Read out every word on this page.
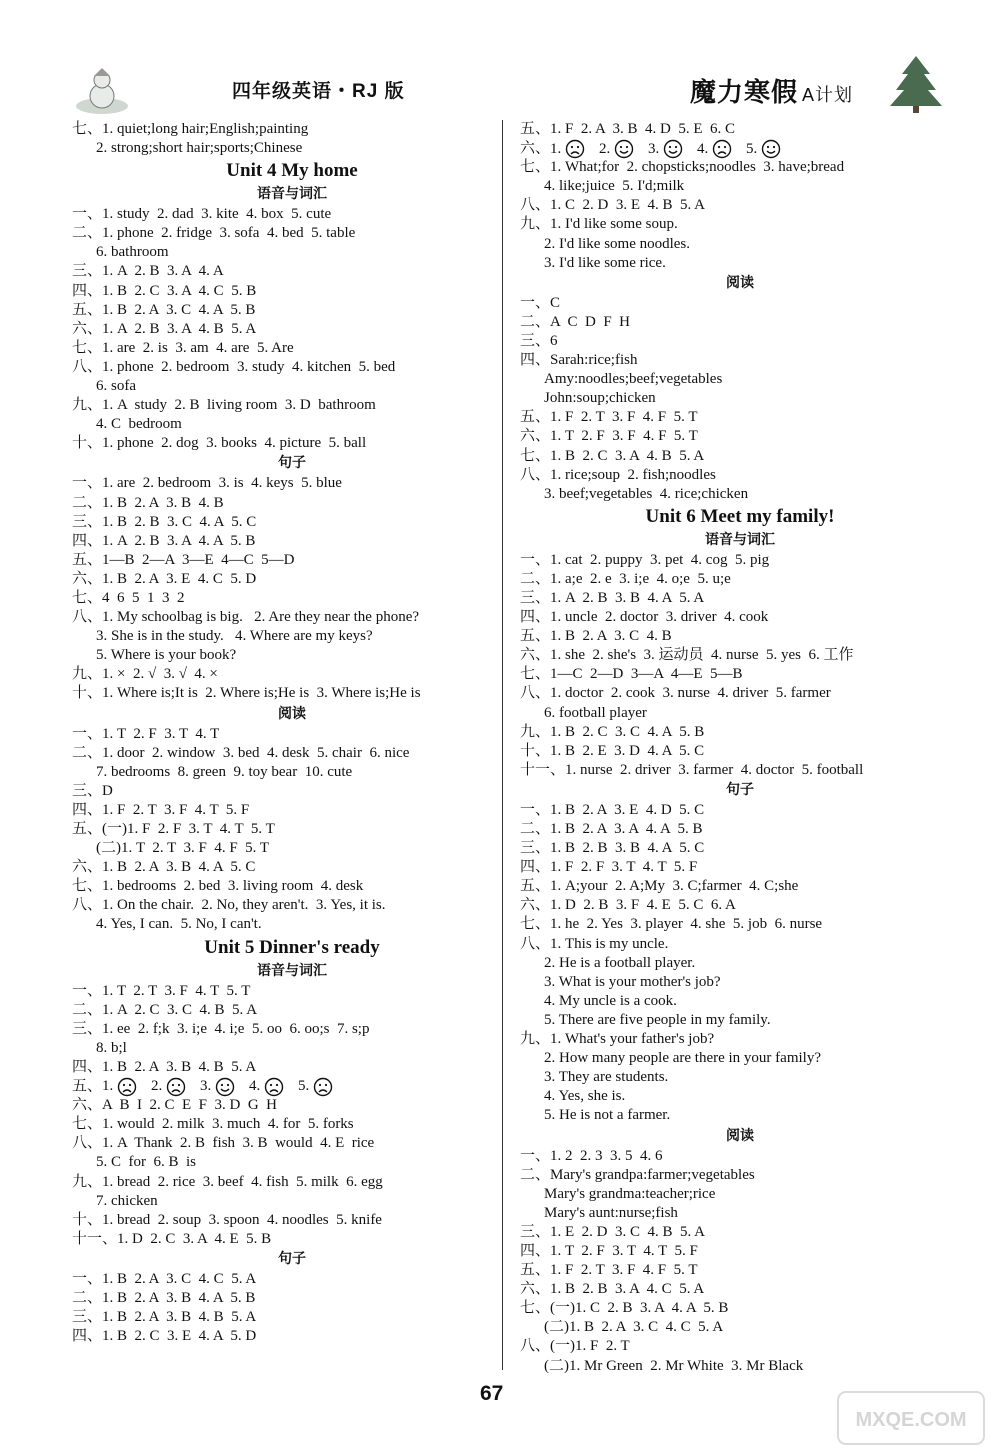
四年级英语・RJ 版	魔力寒假 A计划
七、1. quiet;long hair;English;painting
2. strong;short hair;sports;Chinese
Unit 4 My home
语音与词汇
一、1. study  2. dad  3. kite  4. box  5. cute
二、1. phone  2. fridge  3. sofa  4. bed  5. table
6. bathroom
三、1. A  2. B  3. A  4. A
四、1. B  2. C  3. A  4. C  5. B
五、1. B  2. A  3. C  4. A  5. B
六、1. A  2. B  3. A  4. B  5. A
七、1. are  2. is  3. am  4. are  5. Are
八、1. phone  2. bedroom  3. study  4. kitchen  5. bed
6. sofa
九、1. A  study  2. B  living room  3. D  bathroom
4. C  bedroom
十、1. phone  2. dog  3. books  4. picture  5. ball
句子
一、1. are  2. bedroom  3. is  4. keys  5. blue
二、1. B  2. A  3. B  4. B
三、1. B  2. B  3. C  4. A  5. C
四、1. A  2. B  3. A  4. A  5. B
五、1—B  2—A  3—E  4—C  5—D
六、1. B  2. A  3. E  4. C  5. D
七、4  6  5  1  3  2
八、1. My schoolbag is big.   2. Are they near the phone?
3. She is in the study.   4. Where are my keys?
5. Where is your book?
九、1. ×  2. √  3. √  4. ×
十、1. Where is;It is  2. Where is;He is  3. Where is;He is
阅读
一、1. T  2. F  3. T  4. T
二、1. door  2. window  3. bed  4. desk  5. chair  6. nice
7. bedrooms  8. green  9. toy bear  10. cute
三、D
四、1. F  2. T  3. F  4. T  5. F
五、(一)1. F  2. F  3. T  4. T  5. T
(二)1. T  2. T  3. F  4. F  5. T
六、1. B  2. A  3. B  4. A  5. C
七、1. bedrooms  2. bed  3. living room  4. desk
八、1. On the chair.  2. No, they aren't.  3. Yes, it is.
4. Yes, I can.  5. No, I can't.
Unit 5 Dinner's ready
语音与词汇
一、1. T  2. T  3. F  4. T  5. T
二、1. A  2. C  3. C  4. B  5. A
三、1. ee  2. f;k  3. i;e  4. i;e  5. oo  6. oo;s  7. s;p
8. b;l
四、1. B  2. A  3. B  4. B  5. A
五、1.	2.	3.	4.	5.
六、A  B  I  2. C  E  F  3. D  G  H
七、1. would  2. milk  3. much  4. for  5. forks
八、1. A  Thank  2. B  fish  3. B  would  4. E  rice
5. C  for  6. B  is
九、1. bread  2. rice  3. beef  4. fish  5. milk  6. egg
7. chicken
十、1. bread  2. soup  3. spoon  4. noodles  5. knife
十一、1. D  2. C  3. A  4. E  5. B
句子
一、1. B  2. A  3. C  4. C  5. A
二、1. B  2. A  3. B  4. A  5. B
三、1. B  2. A  3. B  4. B  5. A
四、1. B  2. C  3. E  4. A  5. D
五、1. F  2. A  3. B  4. D  5. E  6. C
六、1.	2.	3.	4.	5.
七、1. What;for  2. chopsticks;noodles  3. have;bread
4. like;juice  5. I'd;milk
八、1. C  2. D  3. E  4. B  5. A
九、1. I'd like some soup.
2. I'd like some noodles.
3. I'd like some rice.
阅读
一、C
二、A  C  D  F  H
三、6
四、Sarah:rice;fish
Amy:noodles;beef;vegetables
John:soup;chicken
五、1. F  2. T  3. F  4. F  5. T
六、1. T  2. F  3. F  4. F  5. T
七、1. B  2. C  3. A  4. B  5. A
八、1. rice;soup  2. fish;noodles
3. beef;vegetables  4. rice;chicken
Unit 6 Meet my family!
语音与词汇
一、1. cat  2. puppy  3. pet  4. cog  5. pig
二、1. a;e  2. e  3. i;e  4. o;e  5. u;e
三、1. A  2. B  3. B  4. A  5. A
四、1. uncle  2. doctor  3. driver  4. cook
五、1. B  2. A  3. C  4. B
六、1. she  2. she's  3. 运动员  4. nurse  5. yes  6. 工作
七、1—C  2—D  3—A  4—E  5—B
八、1. doctor  2. cook  3. nurse  4. driver  5. farmer
6. football player
九、1. B  2. C  3. C  4. A  5. B
十、1. B  2. E  3. D  4. A  5. C
十一、1. nurse  2. driver  3. farmer  4. doctor  5. football
句子
一、1. B  2. A  3. E  4. D  5. C
二、1. B  2. A  3. A  4. A  5. B
三、1. B  2. B  3. B  4. A  5. C
四、1. F  2. F  3. T  4. T  5. F
五、1. A;your  2. A;My  3. C;farmer  4. C;she
六、1. D  2. B  3. F  4. E  5. C  6. A
七、1. he  2. Yes  3. player  4. she  5. job  6. nurse
八、1. This is my uncle.
2. He is a football player.
3. What is your mother's job?
4. My uncle is a cook.
5. There are five people in my family.
九、1. What's your father's job?
2. How many people are there in your family?
3. They are students.
4. Yes, she is.
5. He is not a farmer.
阅读
一、1. 2  2. 3  3. 5  4. 6
二、Mary's grandpa:farmer;vegetables
Mary's grandma:teacher;rice
Mary's aunt:nurse;fish
三、1. E  2. D  3. C  4. B  5. A
四、1. T  2. F  3. T  4. T  5. F
五、1. F  2. T  3. F  4. F  5. T
六、1. B  2. B  3. A  4. C  5. A
七、(一)1. C  2. B  3. A  4. A  5. B
(二)1. B  2. A  3. C  4. C  5. A
八、(一)1. F  2. T
(二)1. Mr Green  2. Mr White  3. Mr Black
67
MXQE.COM
